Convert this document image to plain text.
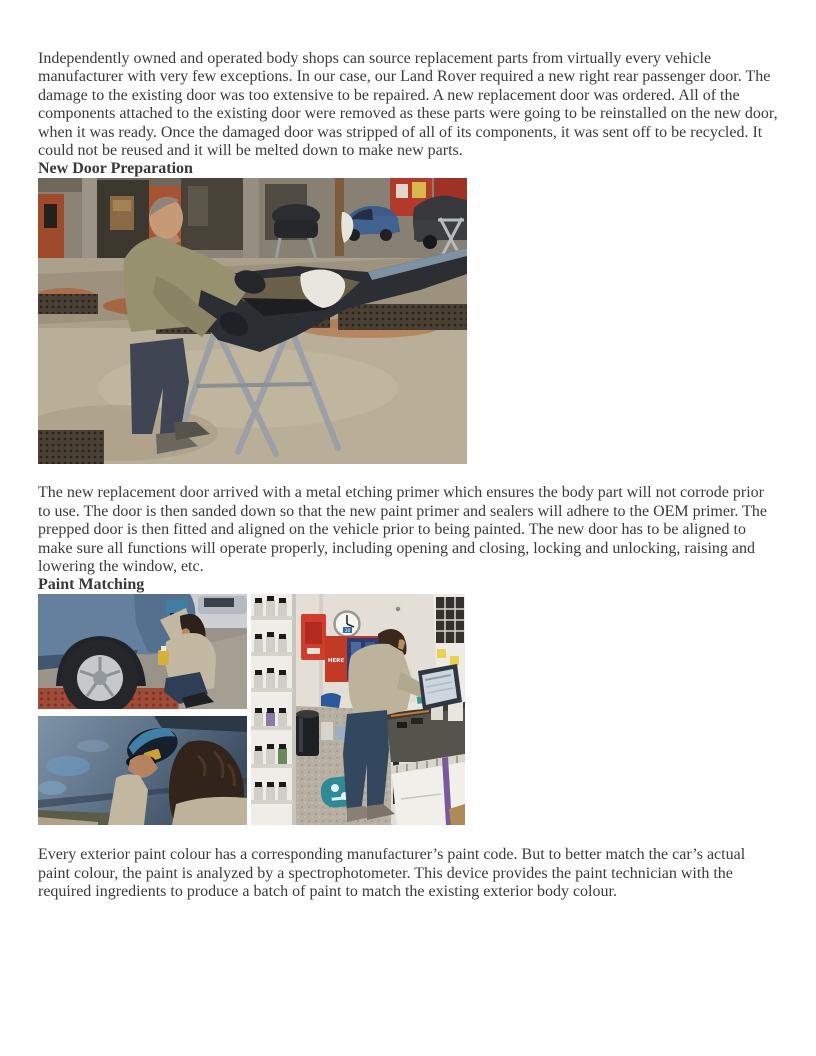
Independently owned and operated body shops can source replacement parts from virtually every vehicle manufacturer with very few exceptions. In our case, our Land Rover required a new right rear passenger door. The damage to the existing door was too extensive to be repaired. A new replacement door was ordered. All of the components attached to the existing door were removed as these parts were going to be reinstalled on the new door, when it was ready. Once the damaged door was stripped of all of its components, it was sent off to be recycled. It could not be reused and it will be melted down to make new parts.

New Door Preparation

The new replacement door arrived with a metal etching primer which ensures the body part will not corrode prior to use. The door is then sanded down so that the new paint primer and sealers will adhere to the OEM primer. The prepped door is then fitted and aligned on the vehicle prior to being painted. The new door has to be aligned to make sure all functions will operate properly, including opening and closing, locking and unlocking, raising and lowering the window, etc.

Paint Matching
30
HERE

Every exterior paint colour has a corresponding manufacturer’s paint code. But to better match the car’s actual paint colour, the paint is analyzed by a spectrophotometer. This device provides the paint technician with the required ingredients to produce a batch of paint to match the existing exterior body colour.
